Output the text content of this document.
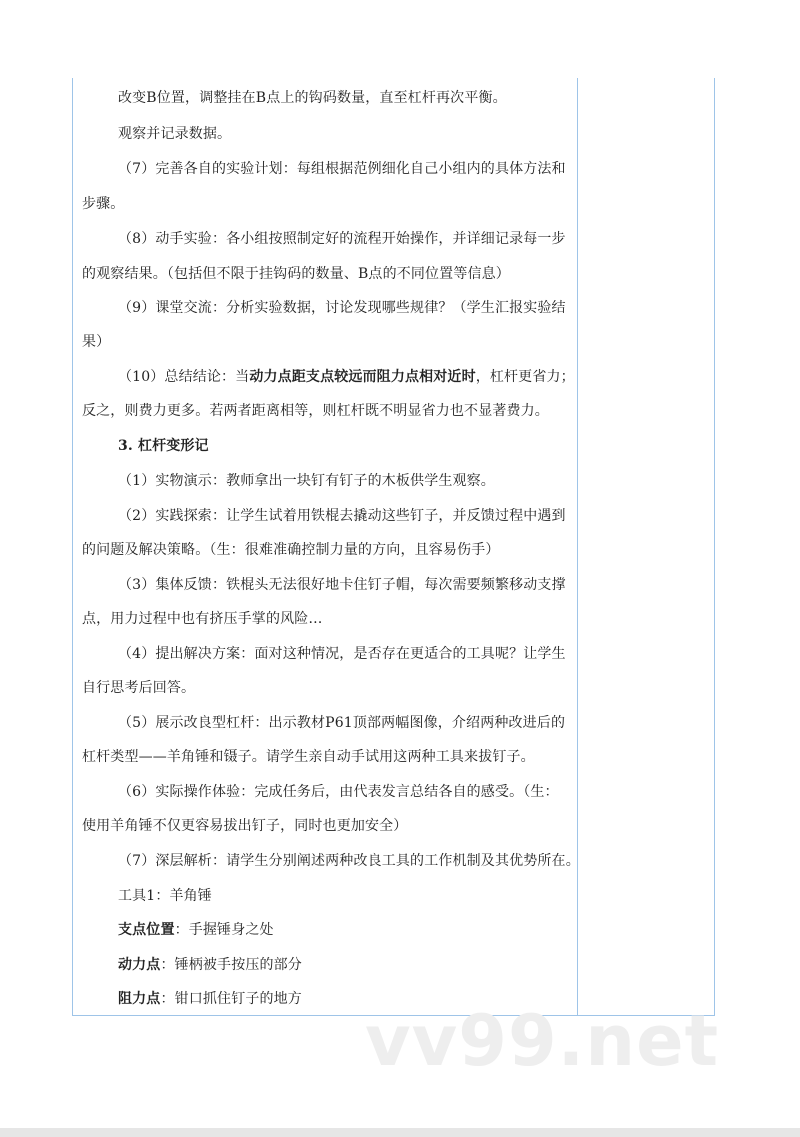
改变B位置，调整挂在B点上的钩码数量，直至杠杆再次平衡。
观察并记录数据。
（7）完善各自的实验计划：每组根据范例细化自己小组内的具体方法和
步骤。
（8）动手实验：各小组按照制定好的流程开始操作，并详细记录每一步
的观察结果。（包括但不限于挂钩码的数量、B点的不同位置等信息）
（9）课堂交流：分析实验数据，讨论发现哪些规律？（学生汇报实验结
果）
（10）总结结论：当动力点距支点较远而阻力点相对近时，杠杆更省力；
反之，则费力更多。若两者距离相等，则杠杆既不明显省力也不显著费力。
3. 杠杆变形记
（1）实物演示：教师拿出一块钉有钉子的木板供学生观察。
（2）实践探索：让学生试着用铁棍去撬动这些钉子，并反馈过程中遇到
的问题及解决策略。（生：很难准确控制力量的方向，且容易伤手）
（3）集体反馈：铁棍头无法很好地卡住钉子帽，每次需要频繁移动支撑
点，用力过程中也有挤压手掌的风险…
（4）提出解决方案：面对这种情况，是否存在更适合的工具呢？让学生
自行思考后回答。
（5）展示改良型杠杆：出示教材P61顶部两幅图像，介绍两种改进后的
杠杆类型——羊角锤和镊子。请学生亲自动手试用这两种工具来拔钉子。
（6）实际操作体验：完成任务后，由代表发言总结各自的感受。（生：
使用羊角锤不仅更容易拔出钉子，同时也更加安全）
（7）深层解析：请学生分别阐述两种改良工具的工作机制及其优势所在。
工具1：羊角锤
支点位置：手握锤身之处
动力点：锤柄被手按压的部分
阻力点：钳口抓住钉子的地方
vv99.net
